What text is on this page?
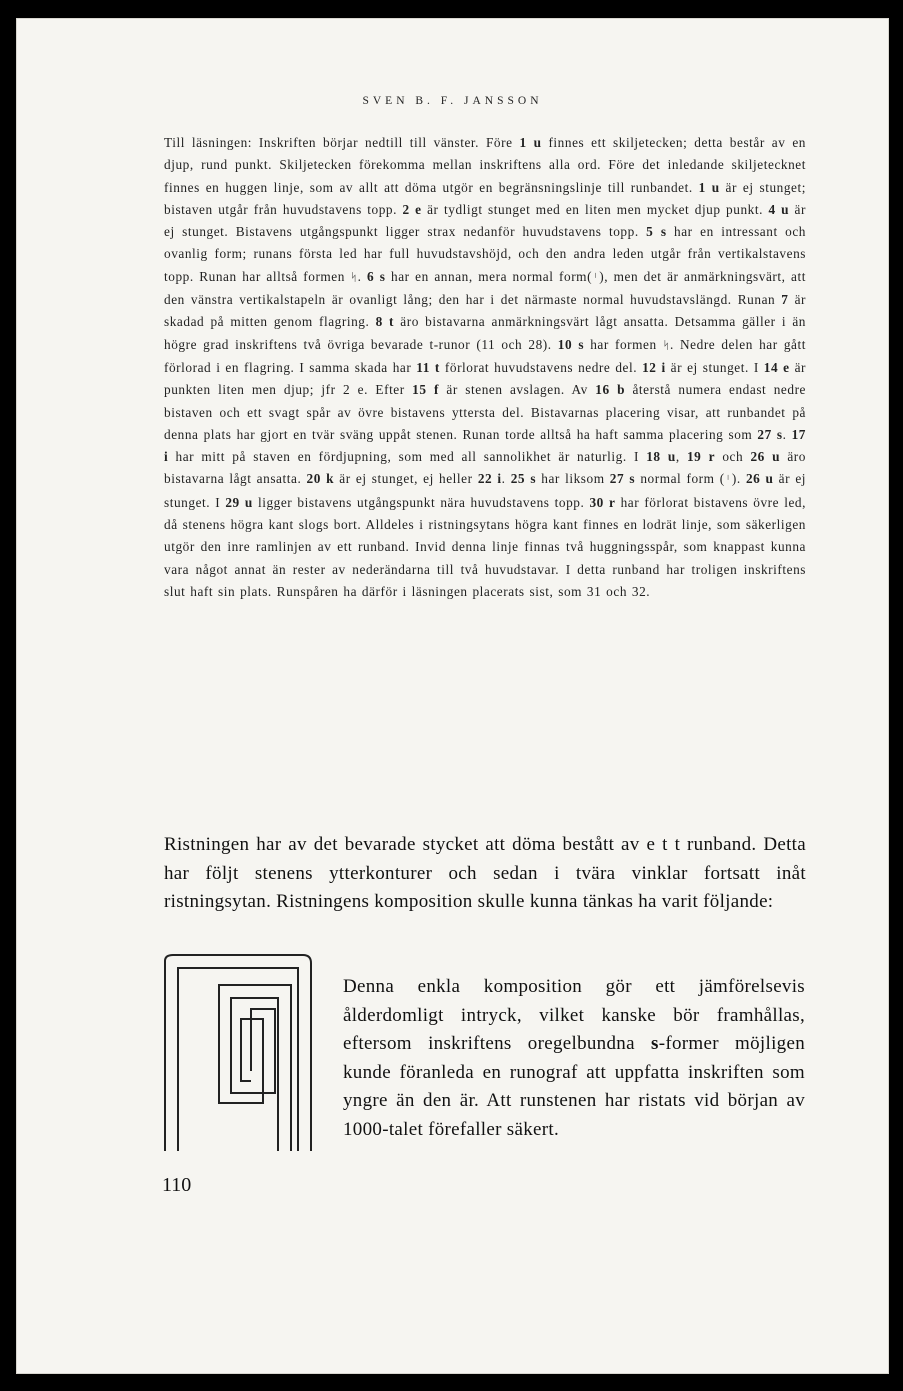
SVEN B. F. JANSSON

Till läsningen: Inskriften börjar nedtill till vänster. Före 1 u finnes ett skiljetecken; detta består av en djup, rund punkt. Skiljetecken förekomma mellan inskriftens alla ord. Före det inledande skiljetecknet finnes en huggen linje, som av allt att döma utgör en begränsningslinje till runbandet. 1 u är ej stunget; bistaven utgår från huvudstavens topp. 2 e är tydligt stunget med en liten men mycket djup punkt. 4 u är ej stunget. Bistavens utgångspunkt ligger strax nedanför huvudstavens topp. 5 s har en intressant och ovanlig form; runans första led har full huvudstavshöjd, och den andra leden utgår från vertikalstavens topp. Runan har alltså formen ᛋ. 6 s har en annan, mera normal form(ᛌ), men det är anmärkningsvärt, att den vänstra vertikalstapeln är ovanligt lång; den har i det närmaste normal huvudstavslängd. Runan 7 är skadad på mitten genom flagring. 8 t äro bistavarna anmärkningsvärt lågt ansatta. Detsamma gäller i än högre grad inskriftens två övriga bevarade t-runor (11 och 28). 10 s har formen ᛋ. Nedre delen har gått förlorad i en flagring. I samma skada har 11 t förlorat huvudstavens nedre del. 12 i är ej stunget. I 14 e är punkten liten men djup; jfr 2 e. Efter 15 f är stenen avslagen. Av 16 b återstå numera endast nedre bistaven och ett svagt spår av övre bistavens yttersta del. Bistavarnas placering visar, att runbandet på denna plats har gjort en tvär sväng uppåt stenen. Runan torde alltså ha haft samma placering som 27 s. 17 i har mitt på staven en fördjupning, som med all sannolikhet är naturlig. I 18 u, 19 r och 26 u äro bistavarna lågt ansatta. 20 k är ej stunget, ej heller 22 i. 25 s har liksom 27 s normal form (ᛌ). 26 u är ej stunget. I 29 u ligger bistavens utgångspunkt nära huvudstavens topp. 30 r har förlorat bistavens övre led, då stenens högra kant slogs bort. Alldeles i ristningsytans högra kant finnes en lodrät linje, som säkerligen utgör den inre ramlinjen av ett runband. Invid denna linje finnas två huggningsspår, som knappast kunna vara något annat än rester av nederändarna till två huvudstavar. I detta runband har troligen inskriftens slut haft sin plats. Runspåren ha därför i läsningen placerats sist, som 31 och 32.

Ristningen har av det bevarade stycket att döma bestått av e t t runband. Detta har följt stenens ytterkonturer och sedan i tvära vinklar fortsatt inåt ristningsytan. Ristningens komposition skulle kunna tänkas ha varit följande:

Denna enkla komposition gör ett jämförelsevis ålderdomligt intryck, vilket kanske bör framhållas, eftersom inskriftens oregelbundna s-former möjligen kunde föranleda en runograf att uppfatta inskriften som yngre än den är. Att runstenen har ristats vid början av 1000-talet förefaller säkert.

110
